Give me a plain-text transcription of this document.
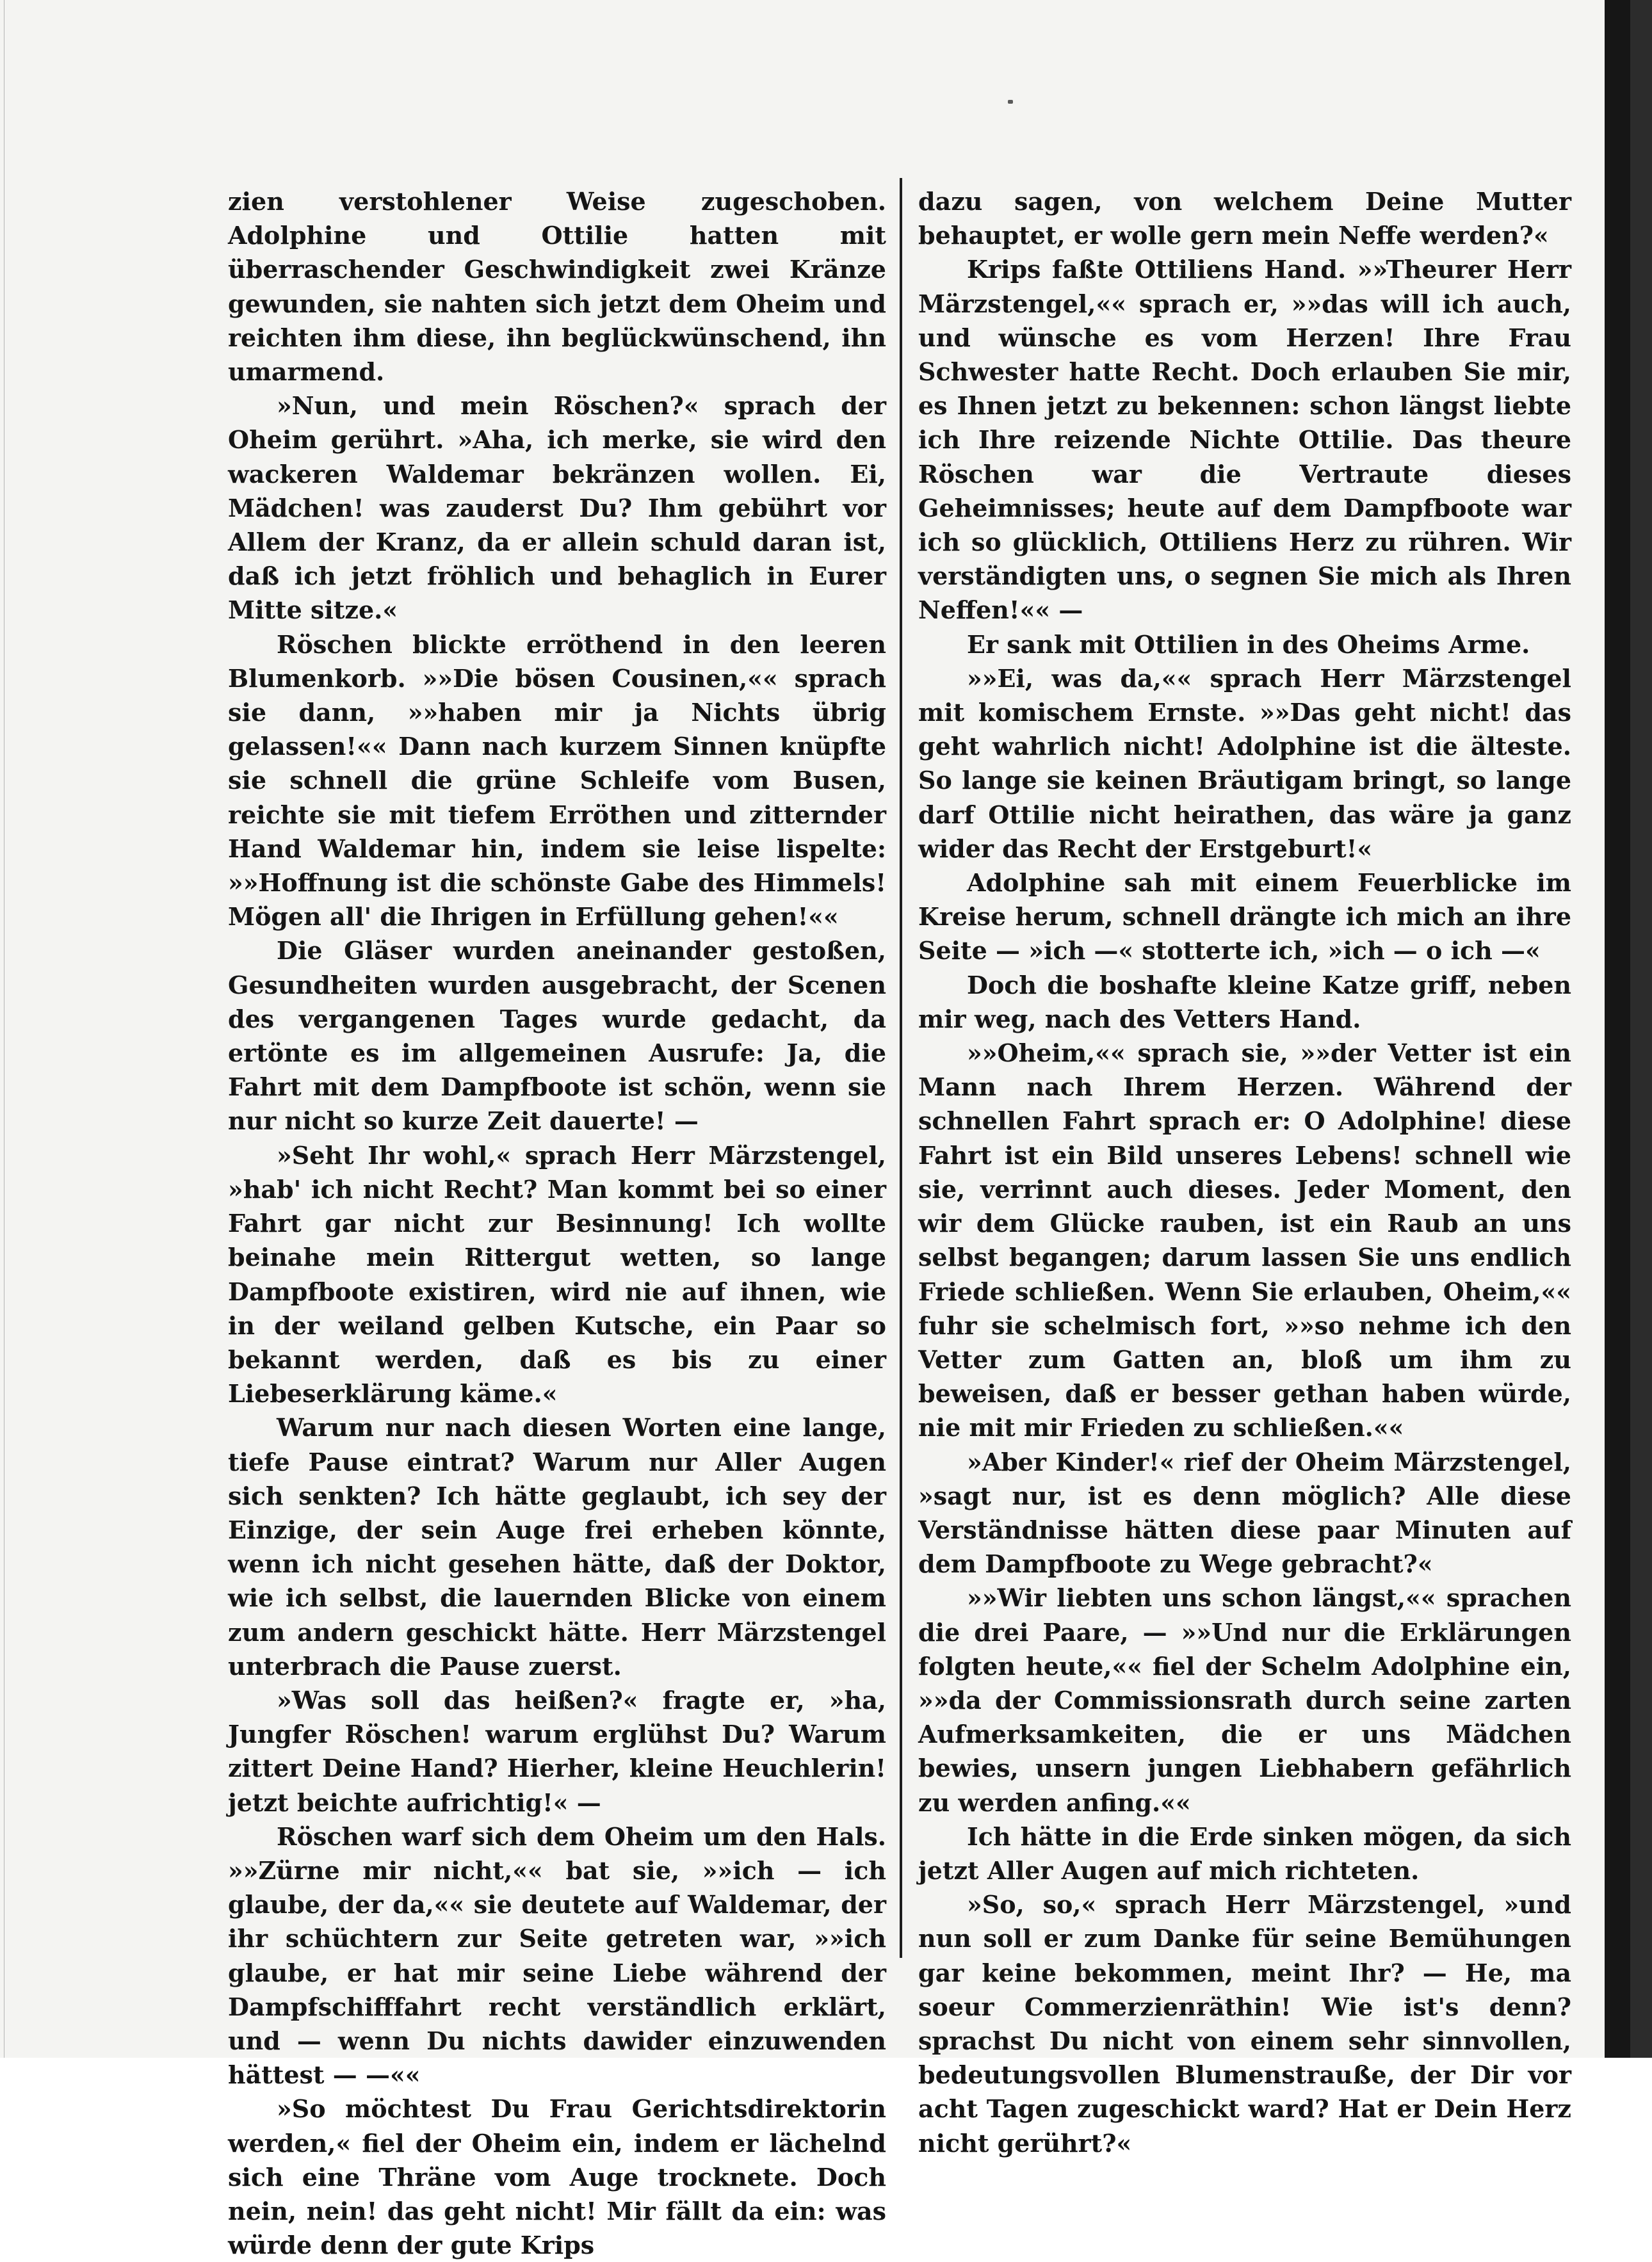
zien verstohlener Weise zugeschoben. Adolphine und Ottilie hatten mit überraschender Geschwindigkeit zwei Kränze gewunden, sie nahten sich jetzt dem Oheim und reichten ihm diese, ihn beglückwünschend, ihn umarmend.

»Nun, und mein Röschen?« sprach der Oheim gerührt. »Aha, ich merke, sie wird den wackeren Waldemar bekränzen wollen. Ei, Mädchen! was zauderst Du? Ihm gebührt vor Allem der Kranz, da er allein schuld daran ist, daß ich jetzt fröhlich und behaglich in Eurer Mitte sitze.«

Röschen blickte erröthend in den leeren Blumenkorb. »»Die bösen Cousinen,«« sprach sie dann, »»haben mir ja Nichts übrig gelassen!«« Dann nach kurzem Sinnen knüpfte sie schnell die grüne Schleife vom Busen, reichte sie mit tiefem Erröthen und zitternder Hand Waldemar hin, indem sie leise lispelte: »»Hoffnung ist die schönste Gabe des Himmels! Mögen all' die Ihrigen in Erfüllung gehen!««

Die Gläser wurden aneinander gestoßen, Gesundheiten wurden ausgebracht, der Scenen des vergangenen Tages wurde gedacht, da ertönte es im allgemeinen Ausrufe: Ja, die Fahrt mit dem Dampfboote ist schön, wenn sie nur nicht so kurze Zeit dauerte! —

»Seht Ihr wohl,« sprach Herr Märzstengel, »hab' ich nicht Recht? Man kommt bei so einer Fahrt gar nicht zur Besinnung! Ich wollte beinahe mein Rittergut wetten, so lange Dampfboote existiren, wird nie auf ihnen, wie in der weiland gelben Kutsche, ein Paar so bekannt werden, daß es bis zu einer Liebeserklärung käme.«

Warum nur nach diesen Worten eine lange, tiefe Pause eintrat? Warum nur Aller Augen sich senkten? Ich hätte geglaubt, ich sey der Einzige, der sein Auge frei erheben könnte, wenn ich nicht gesehen hätte, daß der Doktor, wie ich selbst, die lauernden Blicke von einem zum andern geschickt hätte. Herr Märzstengel unterbrach die Pause zuerst.

»Was soll das heißen?« fragte er, »ha, Jungfer Röschen! warum erglühst Du? Warum zittert Deine Hand? Hierher, kleine Heuchlerin! jetzt beichte aufrichtig!« —

Röschen warf sich dem Oheim um den Hals. »»Zürne mir nicht,«« bat sie, »»ich — ich glaube, der da,«« sie deutete auf Waldemar, der ihr schüchtern zur Seite getreten war, »»ich glaube, er hat mir seine Liebe während der Dampfschifffahrt recht verständlich erklärt, und — wenn Du nichts dawider einzuwenden hättest — —««

»So möchtest Du Frau Gerichtsdirektorin werden,« fiel der Oheim ein, indem er lächelnd sich eine Thräne vom Auge trocknete. Doch nein, nein! das geht nicht! Mir fällt da ein: was würde denn der gute Krips

dazu sagen, von welchem Deine Mutter behauptet, er wolle gern mein Neffe werden?«

Krips faßte Ottiliens Hand. »»Theurer Herr Märzstengel,«« sprach er, »»das will ich auch, und wünsche es vom Herzen! Ihre Frau Schwester hatte Recht. Doch erlauben Sie mir, es Ihnen jetzt zu bekennen: schon längst liebte ich Ihre reizende Nichte Ottilie. Das theure Röschen war die Vertraute dieses Geheimnisses; heute auf dem Dampfboote war ich so glücklich, Ottiliens Herz zu rühren. Wir verständigten uns, o segnen Sie mich als Ihren Neffen!«« —

Er sank mit Ottilien in des Oheims Arme.

»»Ei, was da,«« sprach Herr Märzstengel mit komischem Ernste. »»Das geht nicht! das geht wahrlich nicht! Adolphine ist die älteste. So lange sie keinen Bräutigam bringt, so lange darf Ottilie nicht heirathen, das wäre ja ganz wider das Recht der Erstgeburt!«

Adolphine sah mit einem Feuerblicke im Kreise herum, schnell drängte ich mich an ihre Seite — »ich —« stotterte ich, »ich — o ich —«

Doch die boshafte kleine Katze griff, neben mir weg, nach des Vetters Hand.

»»Oheim,«« sprach sie, »»der Vetter ist ein Mann nach Ihrem Herzen. Während der schnellen Fahrt sprach er: O Adolphine! diese Fahrt ist ein Bild unseres Lebens! schnell wie sie, verrinnt auch dieses. Jeder Moment, den wir dem Glücke rauben, ist ein Raub an uns selbst begangen; darum lassen Sie uns endlich Friede schließen. Wenn Sie erlauben, Oheim,«« fuhr sie schelmisch fort, »»so nehme ich den Vetter zum Gatten an, bloß um ihm zu beweisen, daß er besser gethan haben würde, nie mit mir Frieden zu schließen.««

»Aber Kinder!« rief der Oheim Märzstengel, »sagt nur, ist es denn möglich? Alle diese Verständnisse hätten diese paar Minuten auf dem Dampfboote zu Wege gebracht?«

»»Wir liebten uns schon längst,«« sprachen die drei Paare, — »»Und nur die Erklärungen folgten heute,«« fiel der Schelm Adolphine ein, »»da der Commissionsrath durch seine zarten Aufmerksamkeiten, die er uns Mädchen bewies, unsern jungen Liebhabern gefährlich zu werden anfing.««

Ich hätte in die Erde sinken mögen, da sich jetzt Aller Augen auf mich richteten.

»So, so,« sprach Herr Märzstengel, »und nun soll er zum Danke für seine Bemühungen gar keine bekommen, meint Ihr? — He, ma soeur Commerzienräthin! Wie ist's denn? sprachst Du nicht von einem sehr sinnvollen, bedeutungsvollen Blumenstrauße, der Dir vor acht Tagen zugeschickt ward? Hat er Dein Herz nicht gerührt?«
